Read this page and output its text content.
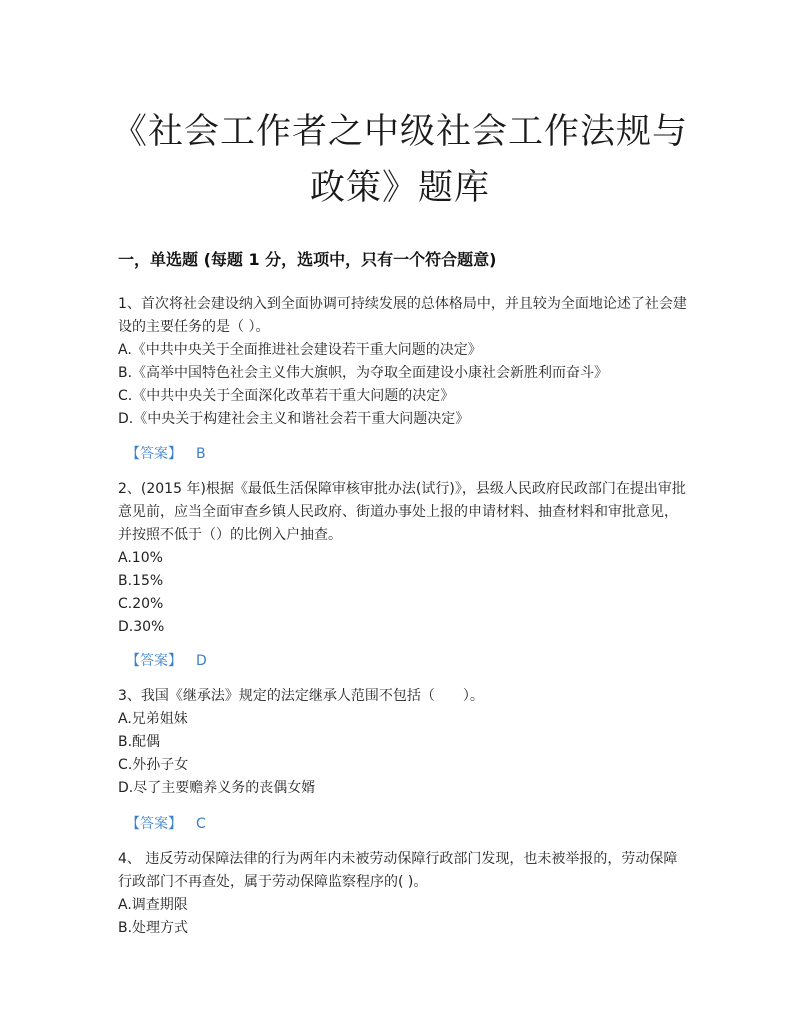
《社会工作者之中级社会工作法规与
政策》题库
一，单选题 (每题 1 分，选项中，只有一个符合题意)

1、首次将社会建设纳入到全面协调可持续发展的总体格局中，并且较为全面地论述了社会建设的主要任务的是（ ）。

A.《中共中央关于全面推进社会建设若干重大问题的决定》

B.《高举中国特色社会主义伟大旗帜，为夺取全面建设小康社会新胜利而奋斗》

C.《中共中央关于全面深化改革若干重大问题的决定》

D.《中央关于构建社会主义和谐社会若干重大问题决定》

【答案】 B

2、(2015 年)根据《最低生活保障审核审批办法(试行)》，县级人民政府民政部门在提出审批意见前，应当全面审查乡镇人民政府、街道办事处上报的申请材料、抽查材料和审批意见，并按照不低于（）的比例入户抽查。

A.10%

B.15%

C.20%

D.30%

【答案】 D

3、我国《继承法》规定的法定继承人范围不包括（　　）。

A.兄弟姐妹

B.配偶

C.外孙子女

D.尽了主要赡养义务的丧偶女婿

【答案】 C

4、 违反劳动保障法律的行为两年内未被劳动保障行政部门发现，也未被举报的，劳动保障行政部门不再查处，属于劳动保障监察程序的( )。

A.调查期限

B.处理方式
